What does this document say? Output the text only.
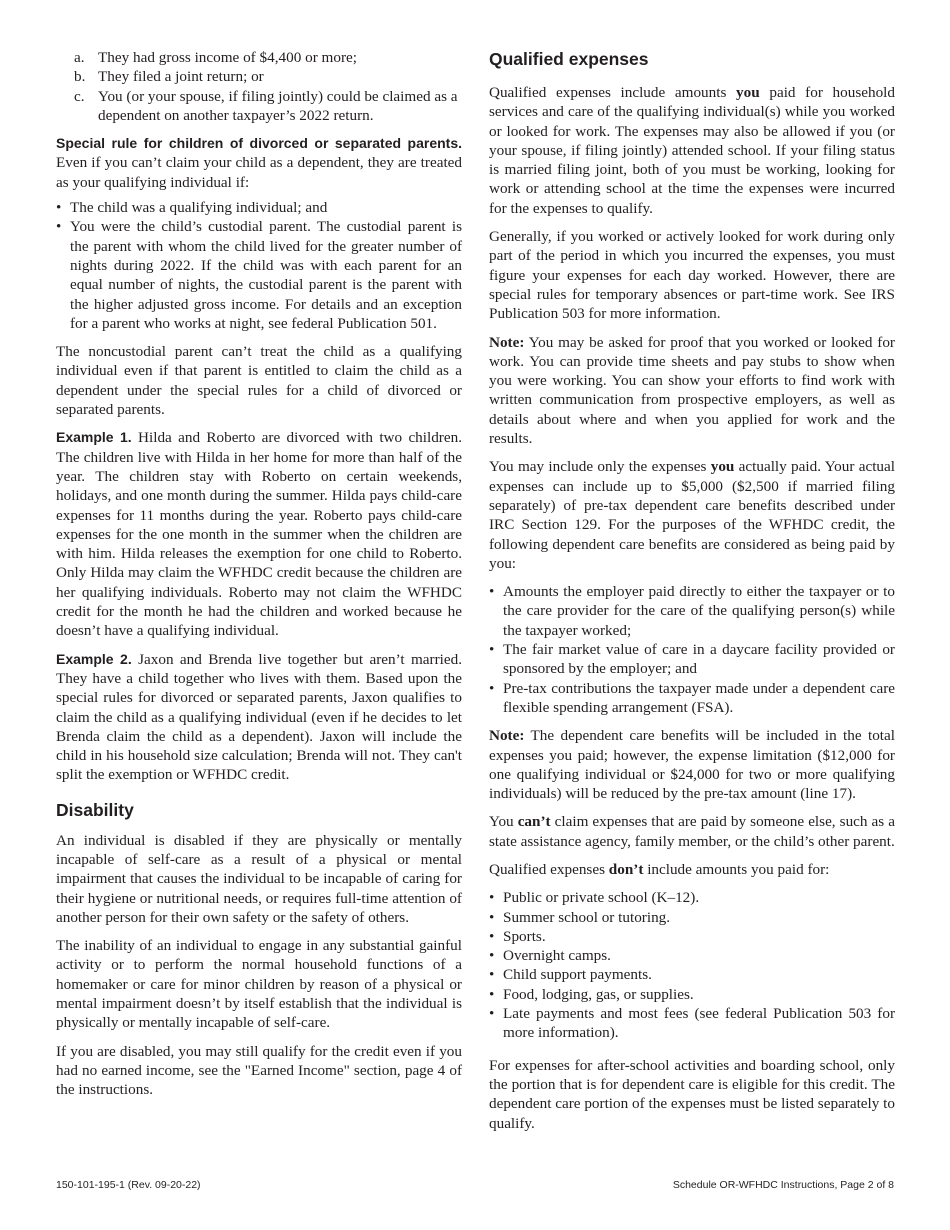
a. They had gross income of $4,400 or more;
b. They filed a joint return; or
c. You (or your spouse, if filing jointly) could be claimed as a dependent on another taxpayer’s 2022 return.

Special rule for children of divorced or separated parents. Even if you can’t claim your child as a dependent, they are treated as your qualifying individual if:

• The child was a qualifying individual; and
• You were the child’s custodial parent. The custodial parent is the parent with whom the child lived for the greater number of nights during 2022. If the child was with each parent for an equal number of nights, the custodial parent is the parent with the higher adjusted gross income. For details and an exception for a parent who works at night, see federal Publication 501.

The noncustodial parent can’t treat the child as a qualifying individual even if that parent is entitled to claim the child as a dependent under the special rules for a child of divorced or separated parents.

Example 1. Hilda and Roberto are divorced with two children. The children live with Hilda in her home for more than half of the year. The children stay with Roberto on certain weekends, holidays, and one month during the summer. Hilda pays child-care expenses for 11 months during the year. Roberto pays child-care expenses for the one month in the summer when the children are with him. Hilda releases the exemption for one child to Roberto. Only Hilda may claim the WFHDC credit because the children are her qualifying individuals. Roberto may not claim the WFHDC credit for the month he had the children and worked because he doesn’t have a qualifying individual.

Example 2. Jaxon and Brenda live together but aren’t married. They have a child together who lives with them. Based upon the special rules for divorced or separated parents, Jaxon qualifies to claim the child as a qualifying individual (even if he decides to let Brenda claim the child as a dependent). Jaxon will include the child in his household size calculation; Brenda will not. They can't split the exemption or WFHDC credit.

Disability

An individual is disabled if they are physically or mentally incapable of self-care as a result of a physical or mental impairment that causes the individual to be incapable of caring for their hygiene or nutritional needs, or requires full-time attention of another person for their own safety or the safety of others.

The inability of an individual to engage in any substantial gainful activity or to perform the normal household functions of a homemaker or care for minor children by reason of a physical or mental impairment doesn’t by itself establish that the individual is physically or mentally incapable of self-care.

If you are disabled, you may still qualify for the credit even if you had no earned income, see the "Earned Income" section, page 4 of the instructions.

Qualified expenses

Qualified expenses include amounts you paid for household services and care of the qualifying individual(s) while you worked or looked for work. The expenses may also be allowed if you (or your spouse, if filing jointly) attended school. If your filing status is married filing joint, both of you must be working, looking for work or attending school at the time the expenses were incurred for the expenses to qualify.

Generally, if you worked or actively looked for work during only part of the period in which you incurred the expenses, you must figure your expenses for each day worked. However, there are special rules for temporary absences or part-time work. See IRS Publication 503 for more information.

Note: You may be asked for proof that you worked or looked for work. You can provide time sheets and pay stubs to show when you were working. You can show your efforts to find work with written communication from prospective employers, as well as details about where and when you applied for work and the results.

You may include only the expenses you actually paid. Your actual expenses can include up to $5,000 ($2,500 if married filing separately) of pre-tax dependent care benefits described under IRC Section 129. For the purposes of the WFHDC credit, the following dependent care benefits are considered as being paid by you:

• Amounts the employer paid directly to either the taxpayer or to the care provider for the care of the qualifying person(s) while the taxpayer worked;
• The fair market value of care in a daycare facility provided or sponsored by the employer; and
• Pre-tax contributions the taxpayer made under a dependent care flexible spending arrangement (FSA).

Note: The dependent care benefits will be included in the total expenses you paid; however, the expense limitation ($12,000 for one qualifying individual or $24,000 for two or more qualifying individuals) will be reduced by the pre-tax amount (line 17).

You can’t claim expenses that are paid by someone else, such as a state assistance agency, family member, or the child’s other parent.

Qualified expenses don’t include amounts you paid for:

• Public or private school (K–12).
• Summer school or tutoring.
• Sports.
• Overnight camps.
• Child support payments.
• Food, lodging, gas, or supplies.
• Late payments and most fees (see federal Publication 503 for more information).

For expenses for after-school activities and boarding school, only the portion that is for dependent care is eligible for this credit. The dependent care portion of the expenses must be listed separately to qualify.

150-101-195-1 (Rev. 09-20-22)	Schedule OR-WFHDC Instructions, Page 2 of 8
